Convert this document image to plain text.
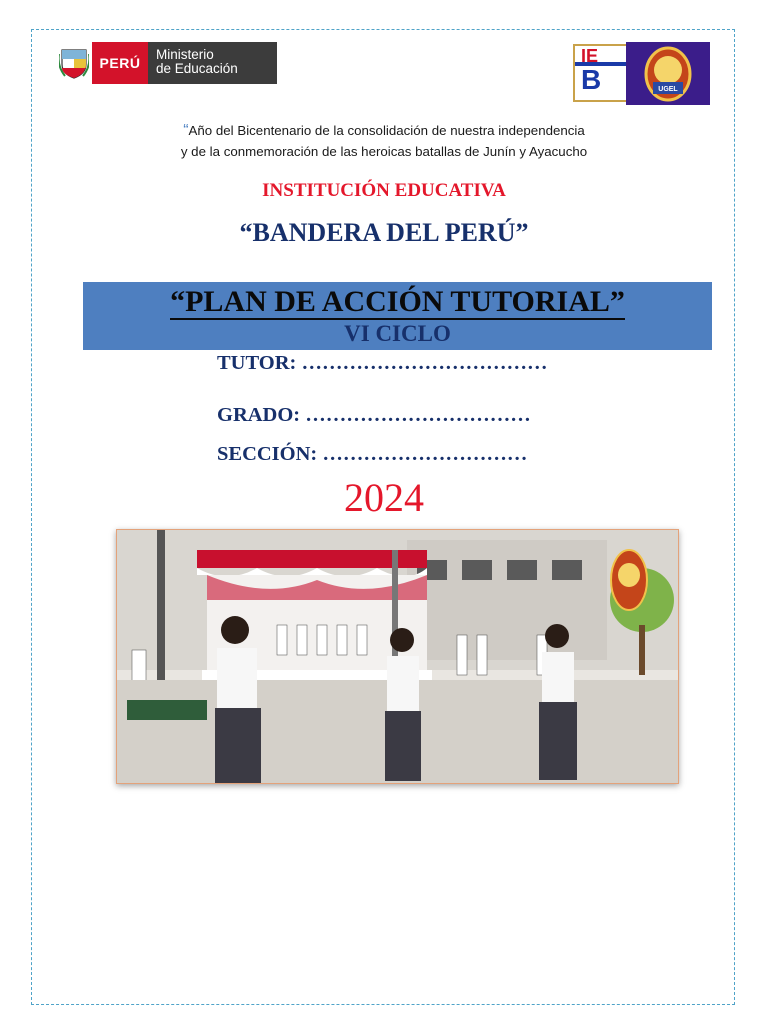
PERÚ
Ministerio
de Educación
IE
B	UGEL
“Año del Bicentenario de la consolidación de nuestra independencia
y de la conmemoración de las heroicas batallas de Junín y Ayacucho
INSTITUCIÓN EDUCATIVA
“BANDERA DEL PERÚ”
“PLAN DE ACCIÓN TUTORIAL”
VI CICLO
TUTOR: ………………………………
GRADO: ……………………………
SECCIÓN: …………………………
2024
